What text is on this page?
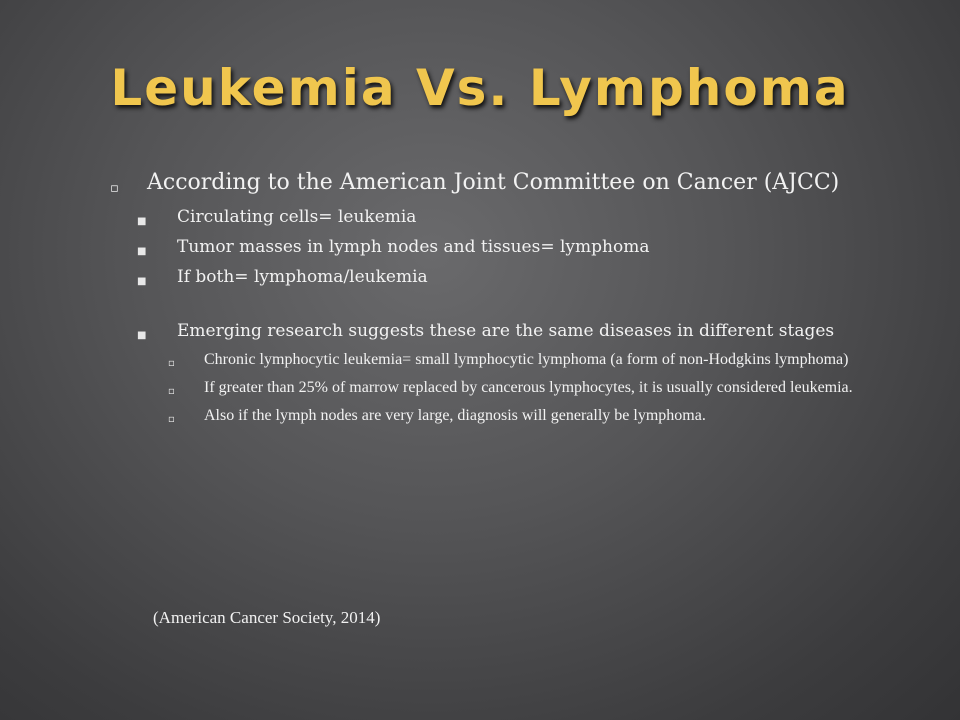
Leukemia Vs. Lymphoma
▫ According to the American Joint Committee on Cancer (AJCC)
■ Circulating cells= leukemia
■ Tumor masses in lymph nodes and tissues= lymphoma
■ If both= lymphoma/leukemia
■ Emerging research suggests these are the same diseases in different stages
▫ Chronic lymphocytic leukemia= small lymphocytic lymphoma (a form of non-Hodgkins lymphoma)
▫ If greater than 25% of marrow replaced by cancerous lymphocytes, it is usually considered leukemia.
▫ Also if the lymph nodes are very large, diagnosis will generally be lymphoma.
(American Cancer Society, 2014)
